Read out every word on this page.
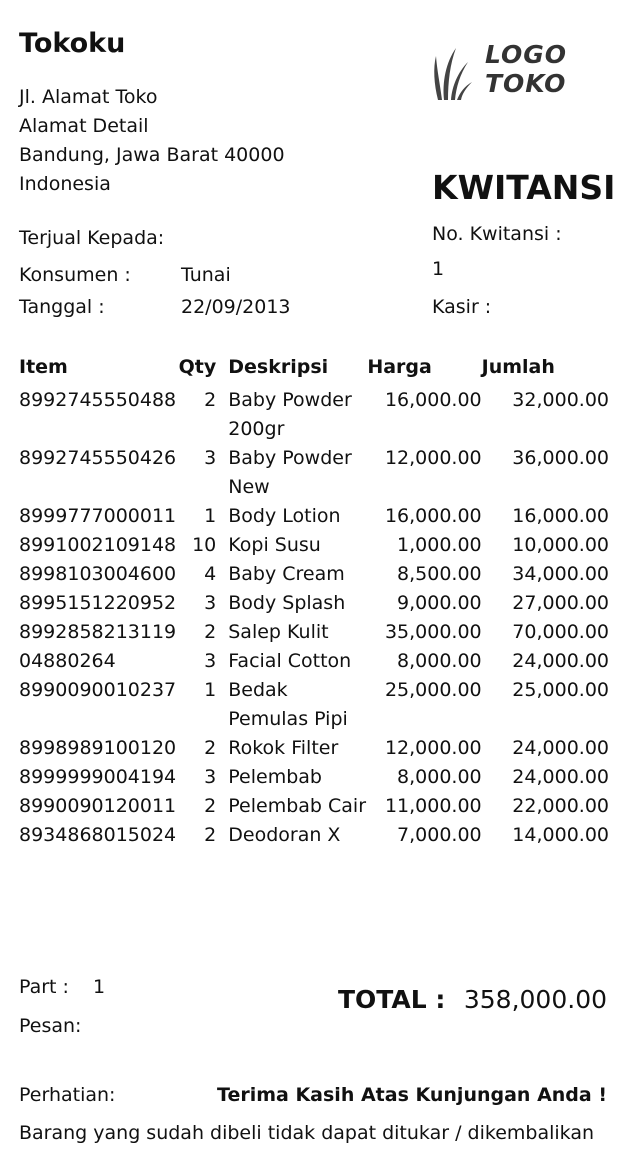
Tokoku
Jl. Alamat Toko
Alamat Detail
Bandung, Jawa Barat 40000
Indonesia
LOGO
TOKO
KWITANSI
No. Kwitansi :
1
Kasir :
Terjual Kepada:
Konsumen :	Tunai
Tanggal :	22/09/2013
Item	Qty	Deskripsi	Harga	Jumlah
8992745550488	2	Baby Powder 200gr	16,000.00	32,000.00
8992745550426	3	Baby Powder New	12,000.00	36,000.00
8999777000011	1	Body Lotion	16,000.00	16,000.00
8991002109148	10	Kopi Susu	1,000.00	10,000.00
8998103004600	4	Baby Cream	8,500.00	34,000.00
8995151220952	3	Body Splash	9,000.00	27,000.00
8992858213119	2	Salep Kulit	35,000.00	70,000.00
04880264	3	Facial Cotton	8,000.00	24,000.00
8990090010237	1	Bedak Pemulas Pipi	25,000.00	25,000.00
8998989100120	2	Rokok Filter	12,000.00	24,000.00
8999999004194	3	Pelembab	8,000.00	24,000.00
8990090120011	2	Pelembab Cair	11,000.00	22,000.00
8934868015024	2	Deodoran X	7,000.00	14,000.00
Part : 1
Pesan:
TOTAL : 358,000.00
Perhatian:	Terima Kasih Atas Kunjungan Anda !
Barang yang sudah dibeli tidak dapat ditukar / dikembalikan
